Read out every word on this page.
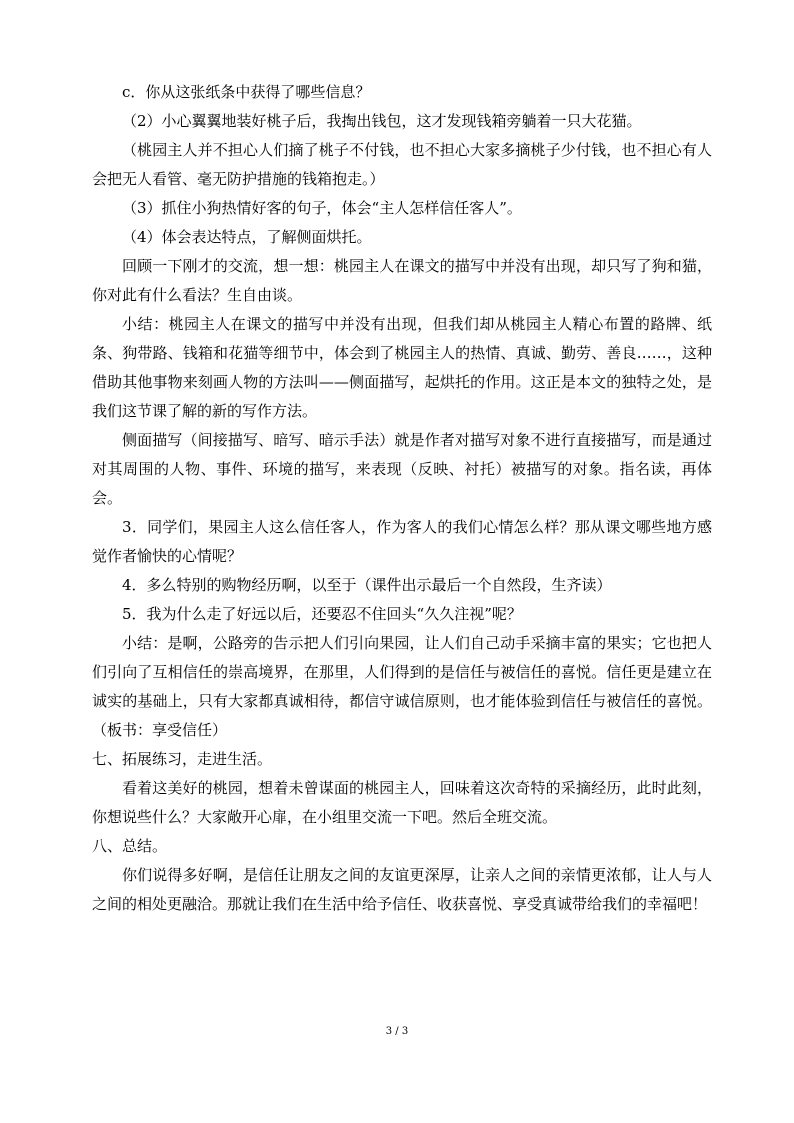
c．你从这张纸条中获得了哪些信息？

（2）小心翼翼地装好桃子后，我掏出钱包，这才发现钱箱旁躺着一只大花猫。

（桃园主人并不担心人们摘了桃子不付钱，也不担心大家多摘桃子少付钱，也不担心有人会把无人看管、毫无防护措施的钱箱抱走。）

（3）抓住小狗热情好客的句子，体会“主人怎样信任客人”。

（4）体会表达特点，了解侧面烘托。

回顾一下刚才的交流，想一想：桃园主人在课文的描写中并没有出现，却只写了狗和猫，你对此有什么看法？生自由谈。

小结：桃园主人在课文的描写中并没有出现，但我们却从桃园主人精心布置的路牌、纸条、狗带路、钱箱和花猫等细节中，体会到了桃园主人的热情、真诚、勤劳、善良……，这种借助其他事物来刻画人物的方法叫——侧面描写，起烘托的作用。这正是本文的独特之处，是我们这节课了解的新的写作方法。

侧面描写（间接描写、暗写、暗示手法）就是作者对描写对象不进行直接描写，而是通过对其周围的人物、事件、环境的描写，来表现（反映、衬托）被描写的对象。指名读，再体会。

3．同学们，果园主人这么信任客人，作为客人的我们心情怎么样？那从课文哪些地方感觉作者愉快的心情呢？

4．多么特别的购物经历啊，以至于（课件出示最后一个自然段，生齐读）

5．我为什么走了好远以后，还要忍不住回头“久久注视”呢？

小结：是啊，公路旁的告示把人们引向果园，让人们自己动手采摘丰富的果实；它也把人们引向了互相信任的崇高境界，在那里，人们得到的是信任与被信任的喜悦。信任更是建立在诚实的基础上，只有大家都真诚相待，都信守诚信原则，也才能体验到信任与被信任的喜悦。（板书：享受信任）

七、拓展练习，走进生活。

看着这美好的桃园，想着未曾谋面的桃园主人，回味着这次奇特的采摘经历，此时此刻，你想说些什么？大家敞开心扉，在小组里交流一下吧。然后全班交流。

八、总结。

你们说得多好啊，是信任让朋友之间的友谊更深厚，让亲人之间的亲情更浓郁，让人与人之间的相处更融洽。那就让我们在生活中给予信任、收获喜悦、享受真诚带给我们的幸福吧！

3 / 3
